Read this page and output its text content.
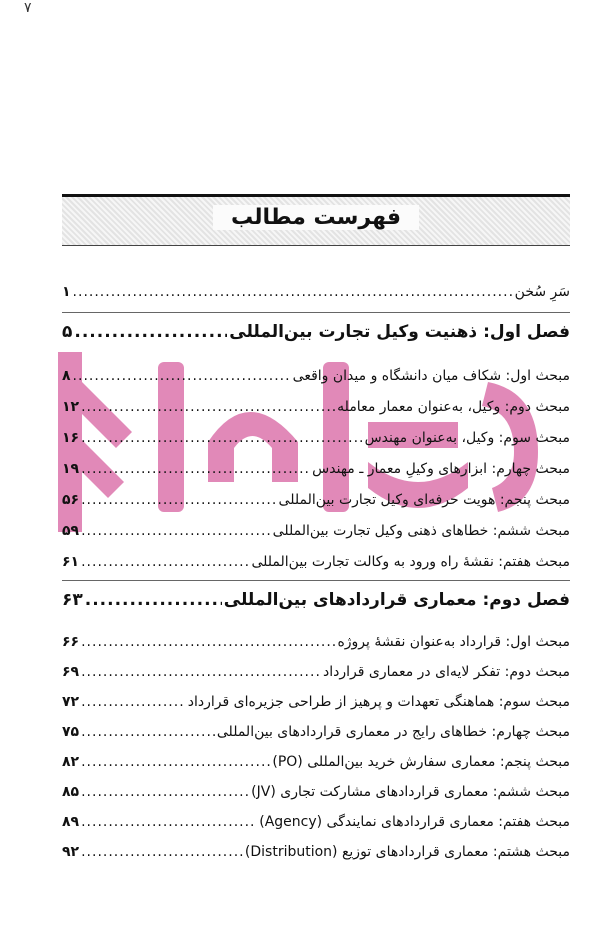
۷
فهرست مطالب
سَرِ سُخن
.....
۱
فصل اول: ذهنیت وکیل تجارت بین‌المللی
.....
۵
مبحث اول: شکاف میان دانشگاه و میدان واقعی
.....
۸
مبحث دوم: وکیل، به‌عنوان معمار معامله
.....
۱۲
مبحث سوم: وکیل، به‌عنوان مهندس
.....
۱۶
مبحث چهارم: ابزارهای وکیلِ معمار ـ مهندس
.....
۱۹
مبحث پنجم: هویت حرفه‌ای وکیل تجارت بین‌المللی
.....
۵۶
مبحث ششم: خطاهای ذهنی وکیل تجارت بین‌المللی
.....
۵۹
مبحث هفتم: نقشهٔ راه ورود به وکالت تجارت بین‌المللی
.....
۶۱
فصل دوم: معماری قراردادهای بین‌المللی
.....
۶۳
مبحث اول: قرارداد به‌عنوان نقشهٔ پروژه
.....
۶۶
مبحث دوم: تفکر لایه‌ای در معماری قرارداد
.....
۶۹
مبحث سوم: هماهنگی تعهدات و پرهیز از طراحی جزیره‌ای قرارداد
.....
۷۲
مبحث چهارم: خطاهای رایج در معماری قراردادهای بین‌المللی
.....
۷۵
مبحث پنجم: معماری سفارش خرید بین‌المللی (PO)
.....
۸۲
مبحث ششم: معماری قراردادهای مشارکت تجاری (JV)
.....
۸۵
مبحث هفتم: معماری قراردادهای نمایندگی (Agency)
.....
۸۹
مبحث هشتم: معماری قراردادهای توزیع (Distribution)
.....
۹۲
